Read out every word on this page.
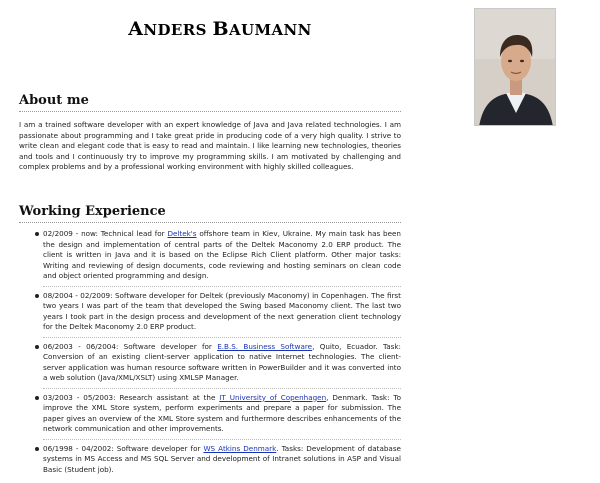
ANDERS BAUMANN
About me

I am a trained software developer with an expert knowledge of Java and Java related technologies. I am passionate about programming and I take great pride in producing code of a very high quality. I strive to write clean and elegant code that is easy to read and maintain. I like learning new technologies, theories and tools and I continuously try to improve my programming skills. I am motivated by challenging and complex problems and by a professional working environment with highly skilled colleagues.

Working Experience
02/2009 - now: Technical lead for Deltek's offshore team in Kiev, Ukraine. My main task has been the design and implementation of central parts of the Deltek Maconomy 2.0 ERP product. The client is written in Java and it is based on the Eclipse Rich Client platform. Other major tasks: Writing and reviewing of design documents, code reviewing and hosting seminars on clean code and object oriented programming and design.
08/2004 - 02/2009: Software developer for Deltek (previously Maconomy) in Copenhagen. The first two years I was part of the team that developed the Swing based Maconomy client. The last two years I took part in the design process and development of the next generation client technology for the Deltek Maconomy 2.0 ERP product.
06/2003 - 06/2004: Software developer for E.B.S. Business Software, Quito, Ecuador. Task: Conversion of an existing client-server application to native Internet technologies. The client-server application was human resource software written in PowerBuilder and it was converted into a web solution (Java/XML/XSLT) using XMLSP Manager.
03/2003 - 05/2003: Research assistant at the IT University of Copenhagen, Denmark. Task: To improve the XML Store system, perform experiments and prepare a paper for submission. The paper gives an overview of the XML Store system and furthermore describes enhancements of the network communication and other improvements.
06/1998 - 04/2002: Software developer for WS Atkins Denmark. Tasks: Development of database systems in MS Access and MS SQL Server and development of Intranet solutions in ASP and Visual Basic (Student job).
